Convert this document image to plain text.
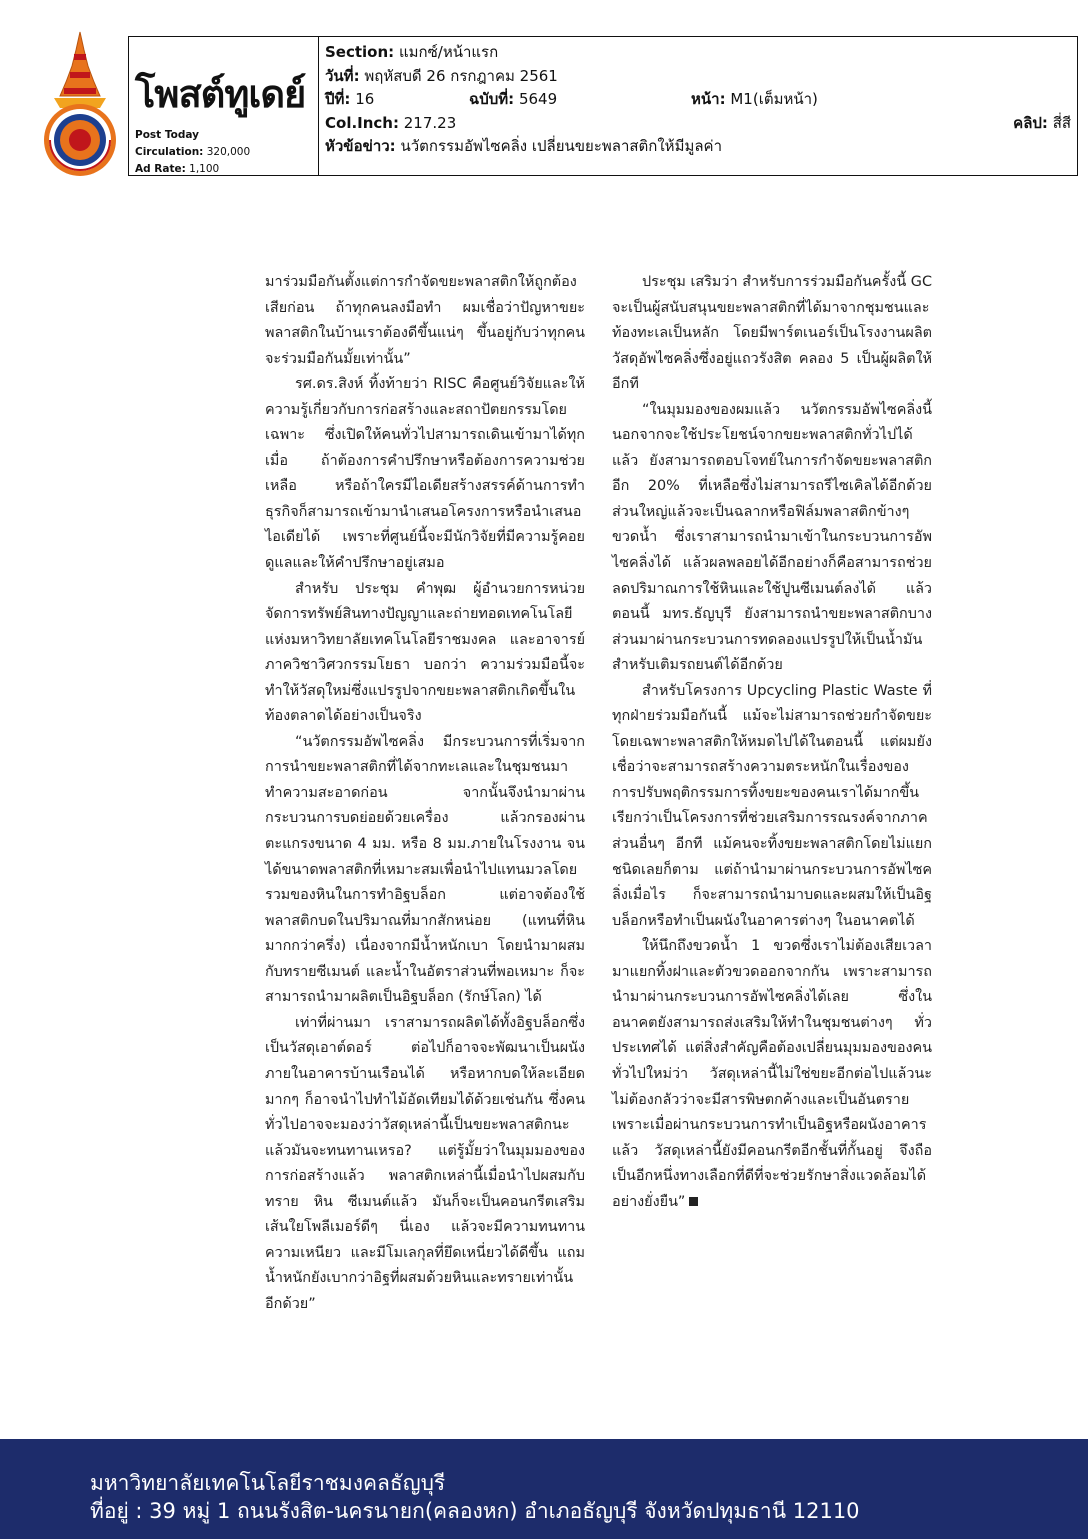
โพสต์ทูเดย์
Post Today
Circulation: 320,000
Ad Rate: 1,100
Section: แมกซ์/หน้าแรก
วันที่: พฤหัสบดี 26 กรกฎาคม 2561
ปีที่: 16	ฉบับที่: 5649	หน้า: M1(เต็มหน้า)
Col.Inch: 217.23	คลิป: สี่สี
หัวข้อข่าว: นวัตกรรมอัพไซคลิ่ง เปลี่ยนขยะพลาสติกให้มีมูลค่า

มาร่วมมือกันตั้งแต่การกำจัดขยะพลาสติกให้ถูกต้องเสียก่อน ถ้าทุกคนลงมือทำ ผมเชื่อว่าปัญหาขยะพลาสติกในบ้านเราต้องดีขึ้นแน่ๆ ขึ้นอยู่กับว่าทุกคนจะร่วมมือกันมั้ยเท่านั้น”

รศ.ดร.สิงห์ ทิ้งท้ายว่า RISC คือศูนย์วิจัยและให้ความรู้เกี่ยวกับการก่อสร้างและสถาปัตยกรรมโดยเฉพาะ ซึ่งเปิดให้คนทั่วไปสามารถเดินเข้ามาได้ทุกเมื่อ ถ้าต้องการคำปรึกษาหรือต้องการความช่วยเหลือ หรือถ้าใครมีไอเดียสร้างสรรค์ด้านการทำธุรกิจก็สามารถเข้ามานำเสนอโครงการหรือนำเสนอไอเดียได้ เพราะที่ศูนย์นี้จะมีนักวิจัยที่มีความรู้คอยดูแลและให้คำปรึกษาอยู่เสมอ

สำหรับ ประชุม คำพุฒ ผู้อำนวยการหน่วยจัดการทรัพย์สินทางปัญญาและถ่ายทอดเทคโนโลยี แห่งมหาวิทยาลัยเทคโนโลยีราชมงคล และอาจารย์ภาควิชาวิศวกรรมโยธา บอกว่า ความร่วมมือนี้จะทำให้วัสดุใหม่ซึ่งแปรรูปจากขยะพลาสติกเกิดขึ้นในท้องตลาดได้อย่างเป็นจริง

“นวัตกรรมอัพไซคลิ่ง มีกระบวนการที่เริ่มจากการนำขยะพลาสติกที่ได้จากทะเลและในชุมชนมาทำความสะอาดก่อน จากนั้นจึงนำมาผ่านกระบวนการบดย่อยด้วยเครื่อง แล้วกรองผ่านตะแกรงขนาด 4 มม. หรือ 8 มม.ภายในโรงงาน จนได้ขนาดพลาสติกที่เหมาะสมเพื่อนำไปแทนมวลโดยรวมของหินในการทำอิฐบล็อก แต่อาจต้องใช้พลาสติกบดในปริมาณที่มากสักหน่อย (แทนที่หินมากกว่าครึ่ง) เนื่องจากมีน้ำหนักเบา โดยนำมาผสมกับทรายซีเมนต์ และน้ำในอัตราส่วนที่พอเหมาะ ก็จะสามารถนำมาผลิตเป็นอิฐบล็อก (รักษ์โลก) ได้

เท่าที่ผ่านมา เราสามารถผลิตได้ทั้งอิฐบล็อกซึ่งเป็นวัสดุเอาต์ดอร์ ต่อไปก็อาจจะพัฒนาเป็นผนังภายในอาคารบ้านเรือนได้ หรือหากบดให้ละเอียดมากๆ ก็อาจนำไปทำไม้อัดเทียมได้ด้วยเช่นกัน ซึ่งคนทั่วไปอาจจะมองว่าวัสดุเหล่านี้เป็นขยะพลาสติกนะ แล้วมันจะทนทานเหรอ? แต่รู้มั้ยว่าในมุมมองของการก่อสร้างแล้ว พลาสติกเหล่านี้เมื่อนำไปผสมกับทราย หิน ซีเมนต์แล้ว มันก็จะเป็นคอนกรีตเสริมเส้นใยโพลีเมอร์ดีๆ นี่เอง แล้วจะมีความทนทาน ความเหนียว และมีโมเลกุลที่ยึดเหนี่ยวได้ดีขึ้น แถมน้ำหนักยังเบากว่าอิฐที่ผสมด้วยหินและทรายเท่านั้นอีกด้วย”

ประชุม เสริมว่า สำหรับการร่วมมือกันครั้งนี้ GC จะเป็นผู้สนับสนุนขยะพลาสติกที่ได้มาจากชุมชนและท้องทะเลเป็นหลัก โดยมีพาร์ตเนอร์เป็นโรงงานผลิตวัสดุอัพไซคลิ่งซึ่งอยู่แถวรังสิต คลอง 5 เป็นผู้ผลิตให้อีกที

“ในมุมมองของผมแล้ว นวัตกรรมอัพไซคลิ่งนี้นอกจากจะใช้ประโยชน์จากขยะพลาสติกทั่วไปได้แล้ว ยังสามารถตอบโจทย์ในการกำจัดขยะพลาสติกอีก 20% ที่เหลือซึ่งไม่สามารถรีไซเคิลได้อีกด้วย ส่วนใหญ่แล้วจะเป็นฉลากหรือฟิล์มพลาสติกข้างๆ ขวดน้ำ ซึ่งเราสามารถนำมาเข้าในกระบวนการอัพไซคลิ่งได้ แล้วผลพลอยได้อีกอย่างก็คือสามารถช่วยลดปริมาณการใช้หินและใช้ปูนซีเมนต์ลงได้ แล้วตอนนี้ มทร.ธัญบุรี ยังสามารถนำขยะพลาสติกบางส่วนมาผ่านกระบวนการทดลองแปรรูปให้เป็นน้ำมันสำหรับเติมรถยนต์ได้อีกด้วย

สำหรับโครงการ Upcycling Plastic Waste ที่ทุกฝ่ายร่วมมือกันนี้ แม้จะไม่สามารถช่วยกำจัดขยะโดยเฉพาะพลาสติกให้หมดไปได้ในตอนนี้ แต่ผมยังเชื่อว่าจะสามารถสร้างความตระหนักในเรื่องของการปรับพฤติกรรมการทิ้งขยะของคนเราได้มากขึ้น เรียกว่าเป็นโครงการที่ช่วยเสริมการรณรงค์จากภาคส่วนอื่นๆ อีกที แม้คนจะทิ้งขยะพลาสติกโดยไม่แยกชนิดเลยก็ตาม แต่ถ้านำมาผ่านกระบวนการอัพไซคลิ่งเมื่อไร ก็จะสามารถนำมาบดและผสมให้เป็นอิฐบล็อกหรือทำเป็นผนังในอาคารต่างๆ ในอนาคตได้

ให้นึกถึงขวดน้ำ 1 ขวดซึ่งเราไม่ต้องเสียเวลามาแยกทิ้งฝาและตัวขวดออกจากกัน เพราะสามารถนำมาผ่านกระบวนการอัพไซคลิ่งได้เลย ซึ่งในอนาคตยังสามารถส่งเสริมให้ทำในชุมชนต่างๆ ทั่วประเทศได้ แต่สิ่งสำคัญคือต้องเปลี่ยนมุมมองของคนทั่วไปใหม่ว่า วัสดุเหล่านี้ไม่ใช่ขยะอีกต่อไปแล้วนะ ไม่ต้องกลัวว่าจะมีสารพิษตกค้างและเป็นอันตราย เพราะเมื่อผ่านกระบวนการทำเป็นอิฐหรือผนังอาคารแล้ว วัสดุเหล่านี้ยังมีคอนกรีตอีกชั้นที่กั้นอยู่ จึงถือเป็นอีกหนึ่งทางเลือกที่ดีที่จะช่วยรักษาสิ่งแวดล้อมได้อย่างยั่งยืน”

มหาวิทยาลัยเทคโนโลยีราชมงคลธัญบุรี
ที่อยู่ : 39 หมู่ 1 ถนนรังสิต-นครนายก(คลองหก) อำเภอธัญบุรี จังหวัดปทุมธานี 12110
